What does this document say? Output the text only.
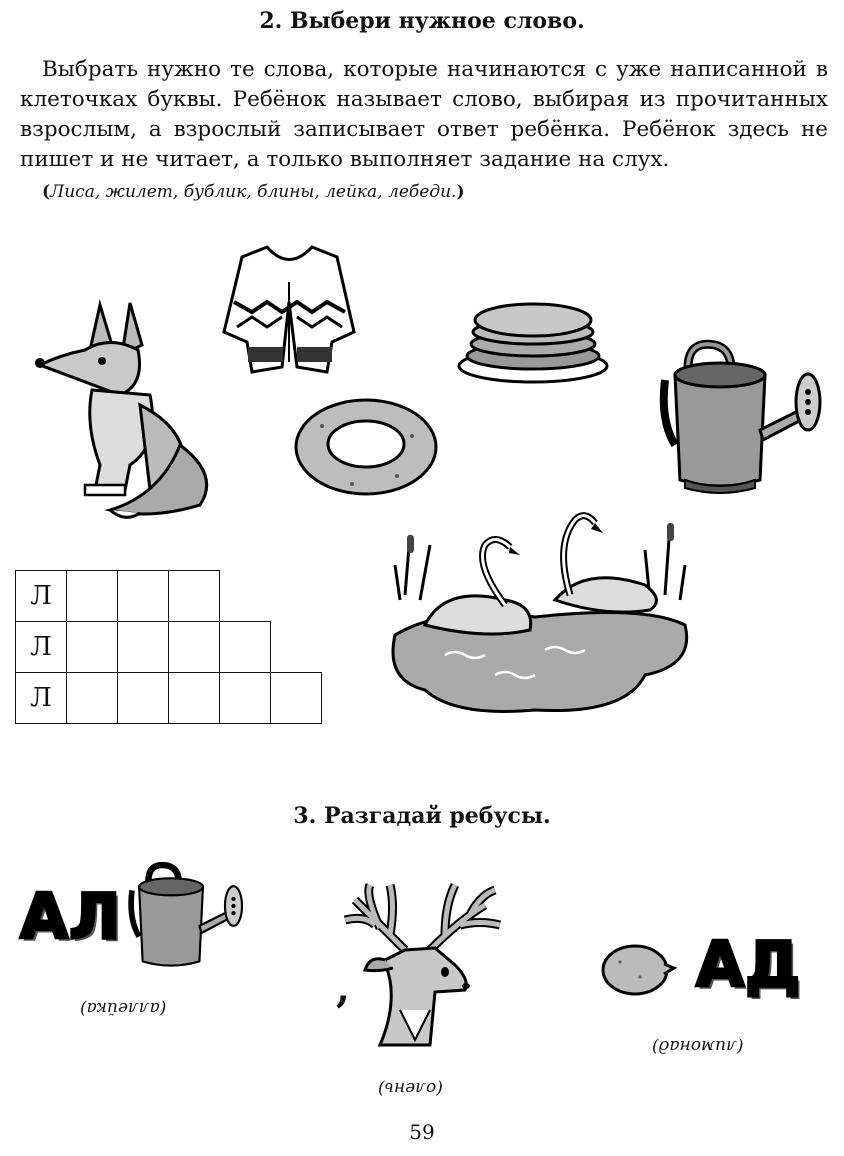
2. Выбери нужное слово.
Выбрать нужно те слова, которые начинаются с уже написанной в клеточках буквы. Ребёнок называет слово, выбирая из прочитанных взрослым, а взрослый записывает ответ ребёнка. Ребёнок здесь не пишет и не читает, а только выполняет задание на слух.
(Лиса, жилет, бублик, блины, лейка, лебеди.)
Л					
Л					
Л					
3. Разгадай ребусы.
АЛ
(аллейка)	,
(олень)
АД
(лимонад)
59
